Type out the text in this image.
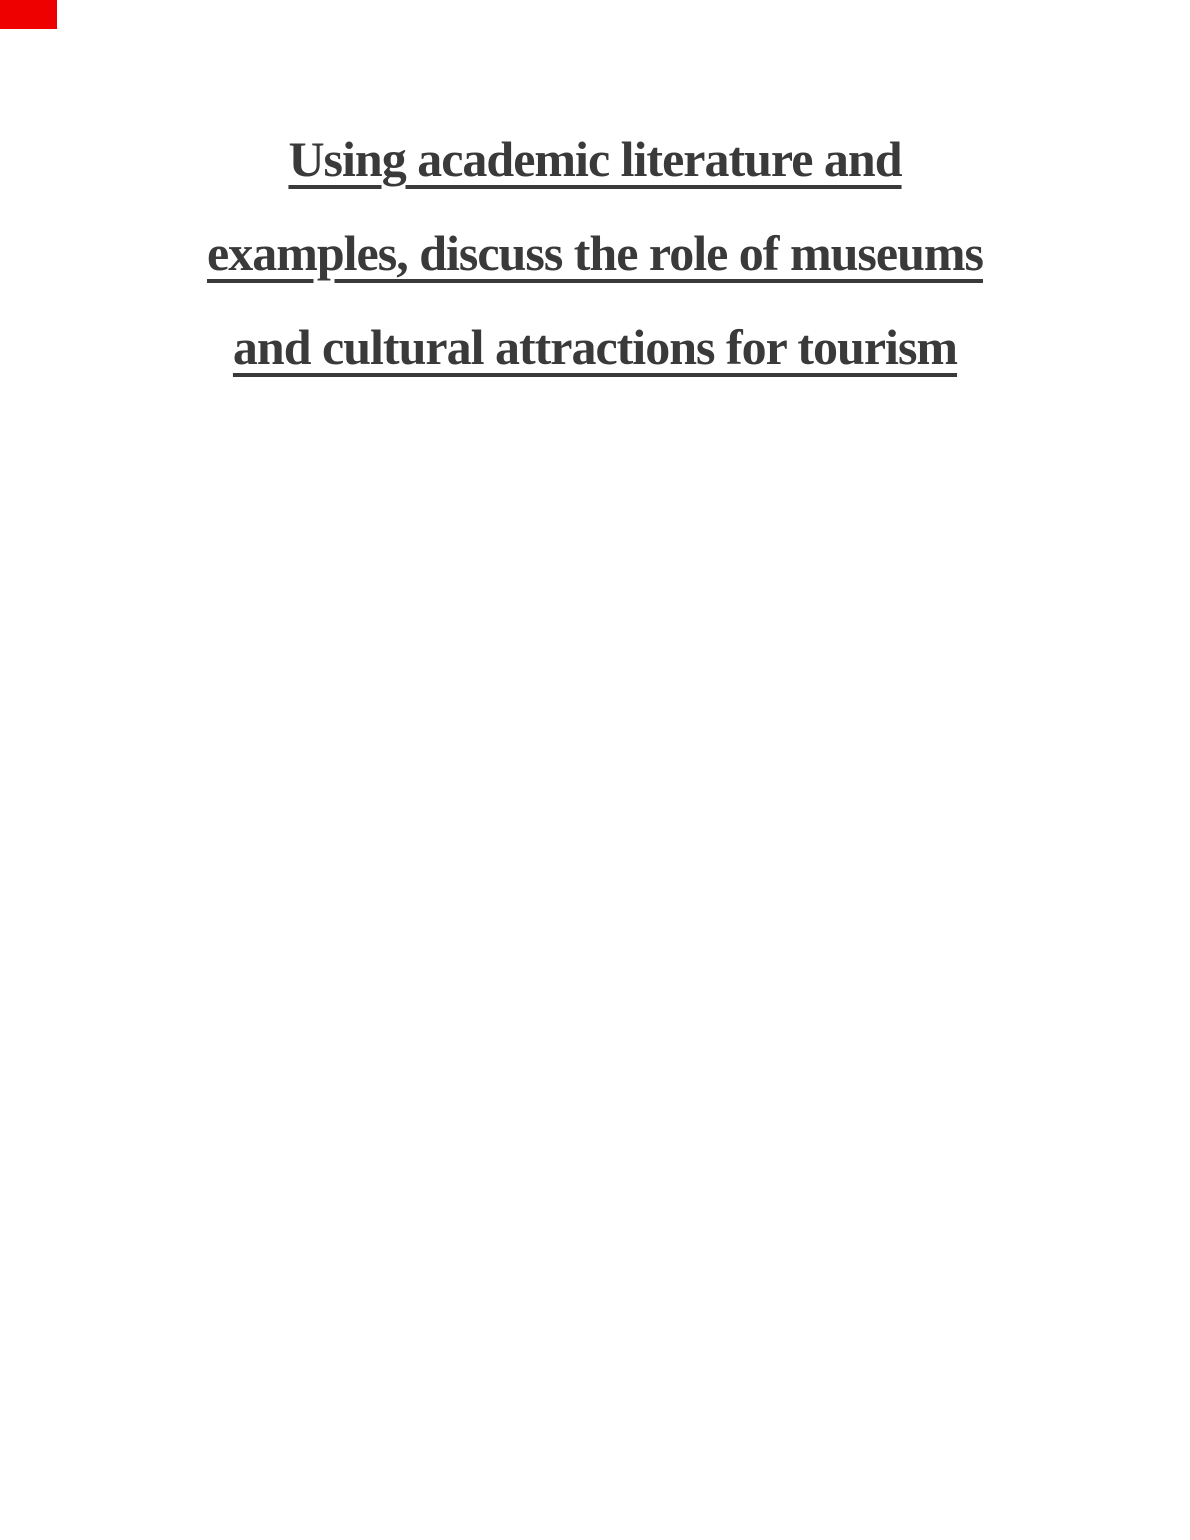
Using academic literature and
examples, discuss the role of museums
and cultural attractions for tourism
